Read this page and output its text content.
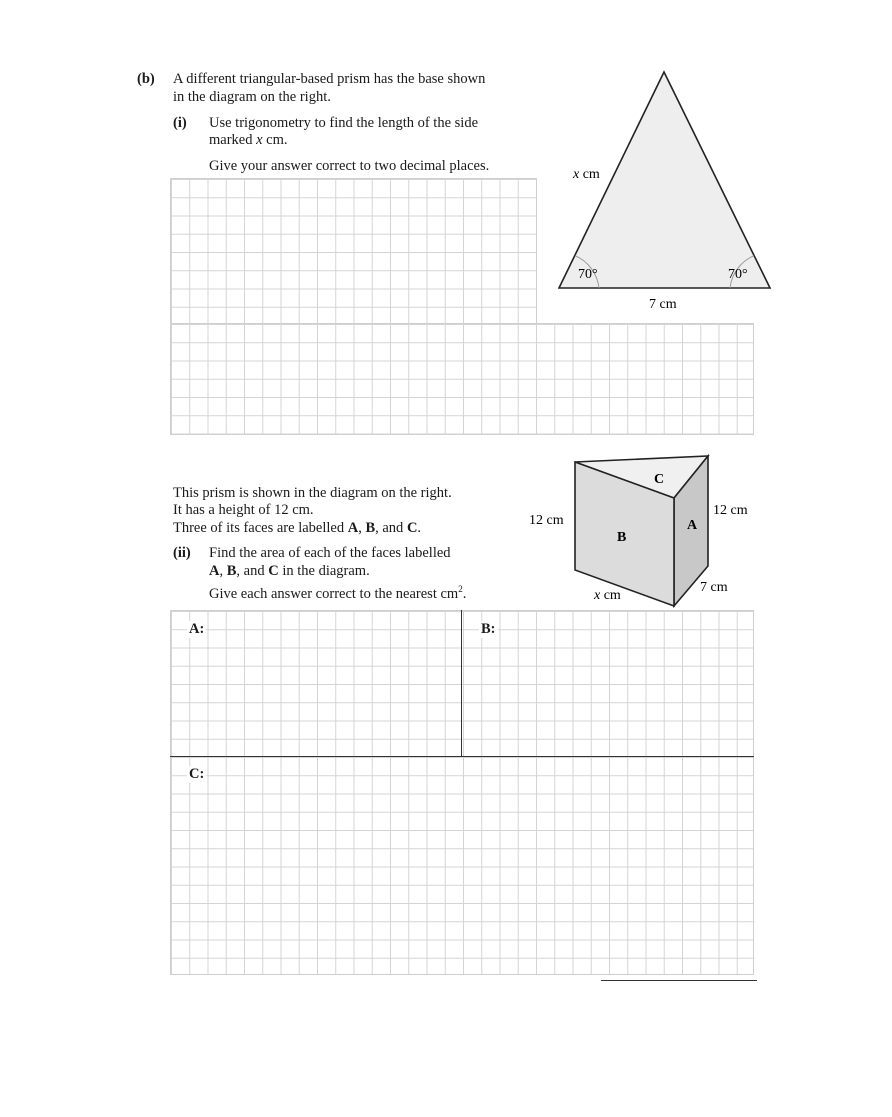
(b) A different triangular-based prism has the base shown
in the diagram on the right.
(i) Use trigonometry to find the length of the side
marked x cm.
Give your answer correct to two decimal places.
70°	70°
7 cm
x cm
This prism is shown in the diagram on the right.
It has a height of 12 cm.
Three of its faces are labelled A, B, and C.
(ii) Find the area of each of the faces labelled
A, B, and C in the diagram.
Give each answer correct to the nearest $cm^2$.
C
B
A
12 cm
12 cm
7 cm
x cm
A:	B:
C:
